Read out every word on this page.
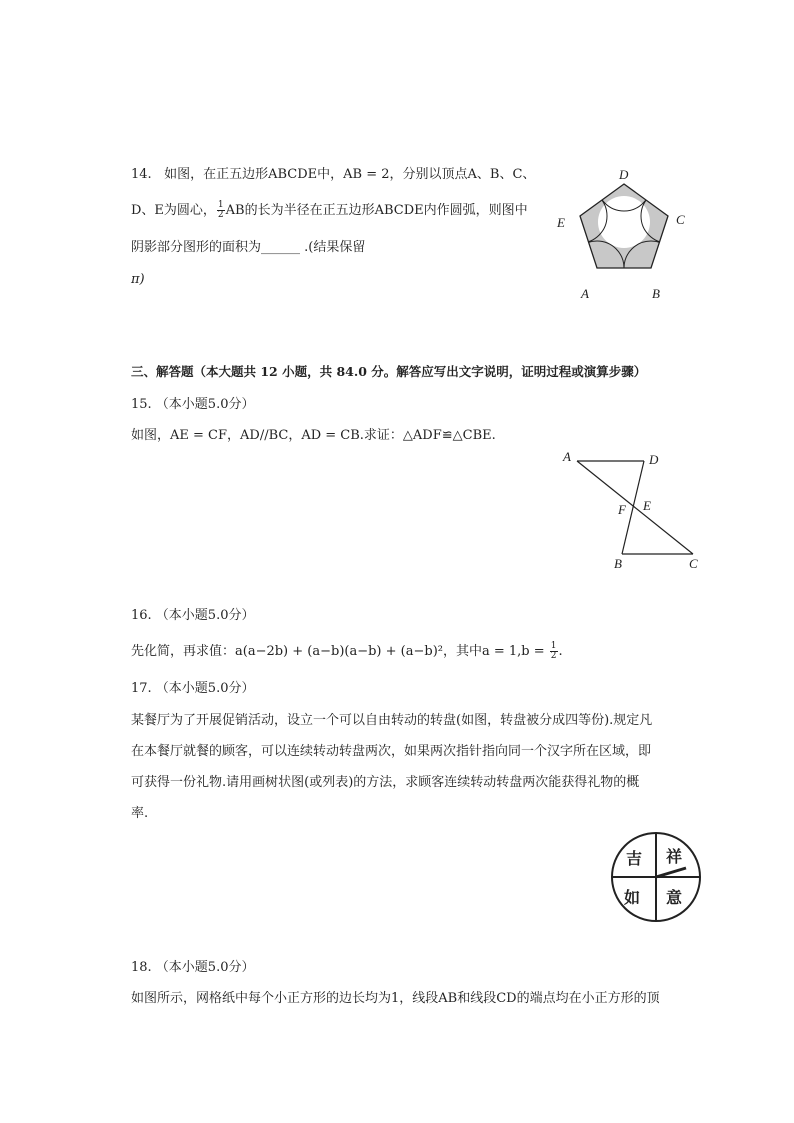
14. 如图，在正五边形ABCDE中，AB = 2，分别以顶点A、B、C、
D、E为圆心， $\frac{1}{2}$ AB的长为半径在正五边形ABCDE内作圆弧，则图中
阴影部分图形的面积为______ .(结果保留
π)
D
C
E
A	B
三、解答题（本大题共 12 小题，共 84.0 分。解答应写出文字说明，证明过程或演算步骤）
15. （本小题5.0分）
如图，AE = CF，AD//BC，AD = CB.求证：△ADF≌△CBE.
A	D
F E
B	C
16. （本小题5.0分）
先化简，再求值：a(a−2b) + (a−b)(a−b) + (a−b)²，其中$a = 1,b = \frac{1}{2}$ .
17. （本小题5.0分）
某餐厅为了开展促销活动，设立一个可以自由转动的转盘(如图，转盘被分成四等份).规定凡
在本餐厅就餐的顾客，可以连续转动转盘两次，如果两次指针指向同一个汉字所在区域，即
可获得一份礼物.请用画树状图(或列表)的方法，求顾客连续转动转盘两次能获得礼物的概
率.
吉 祥
如 意
18. （本小题5.0分）
如图所示，网格纸中每个小正方形的边长均为1，线段AB和线段CD的端点均在小正方形的顶
